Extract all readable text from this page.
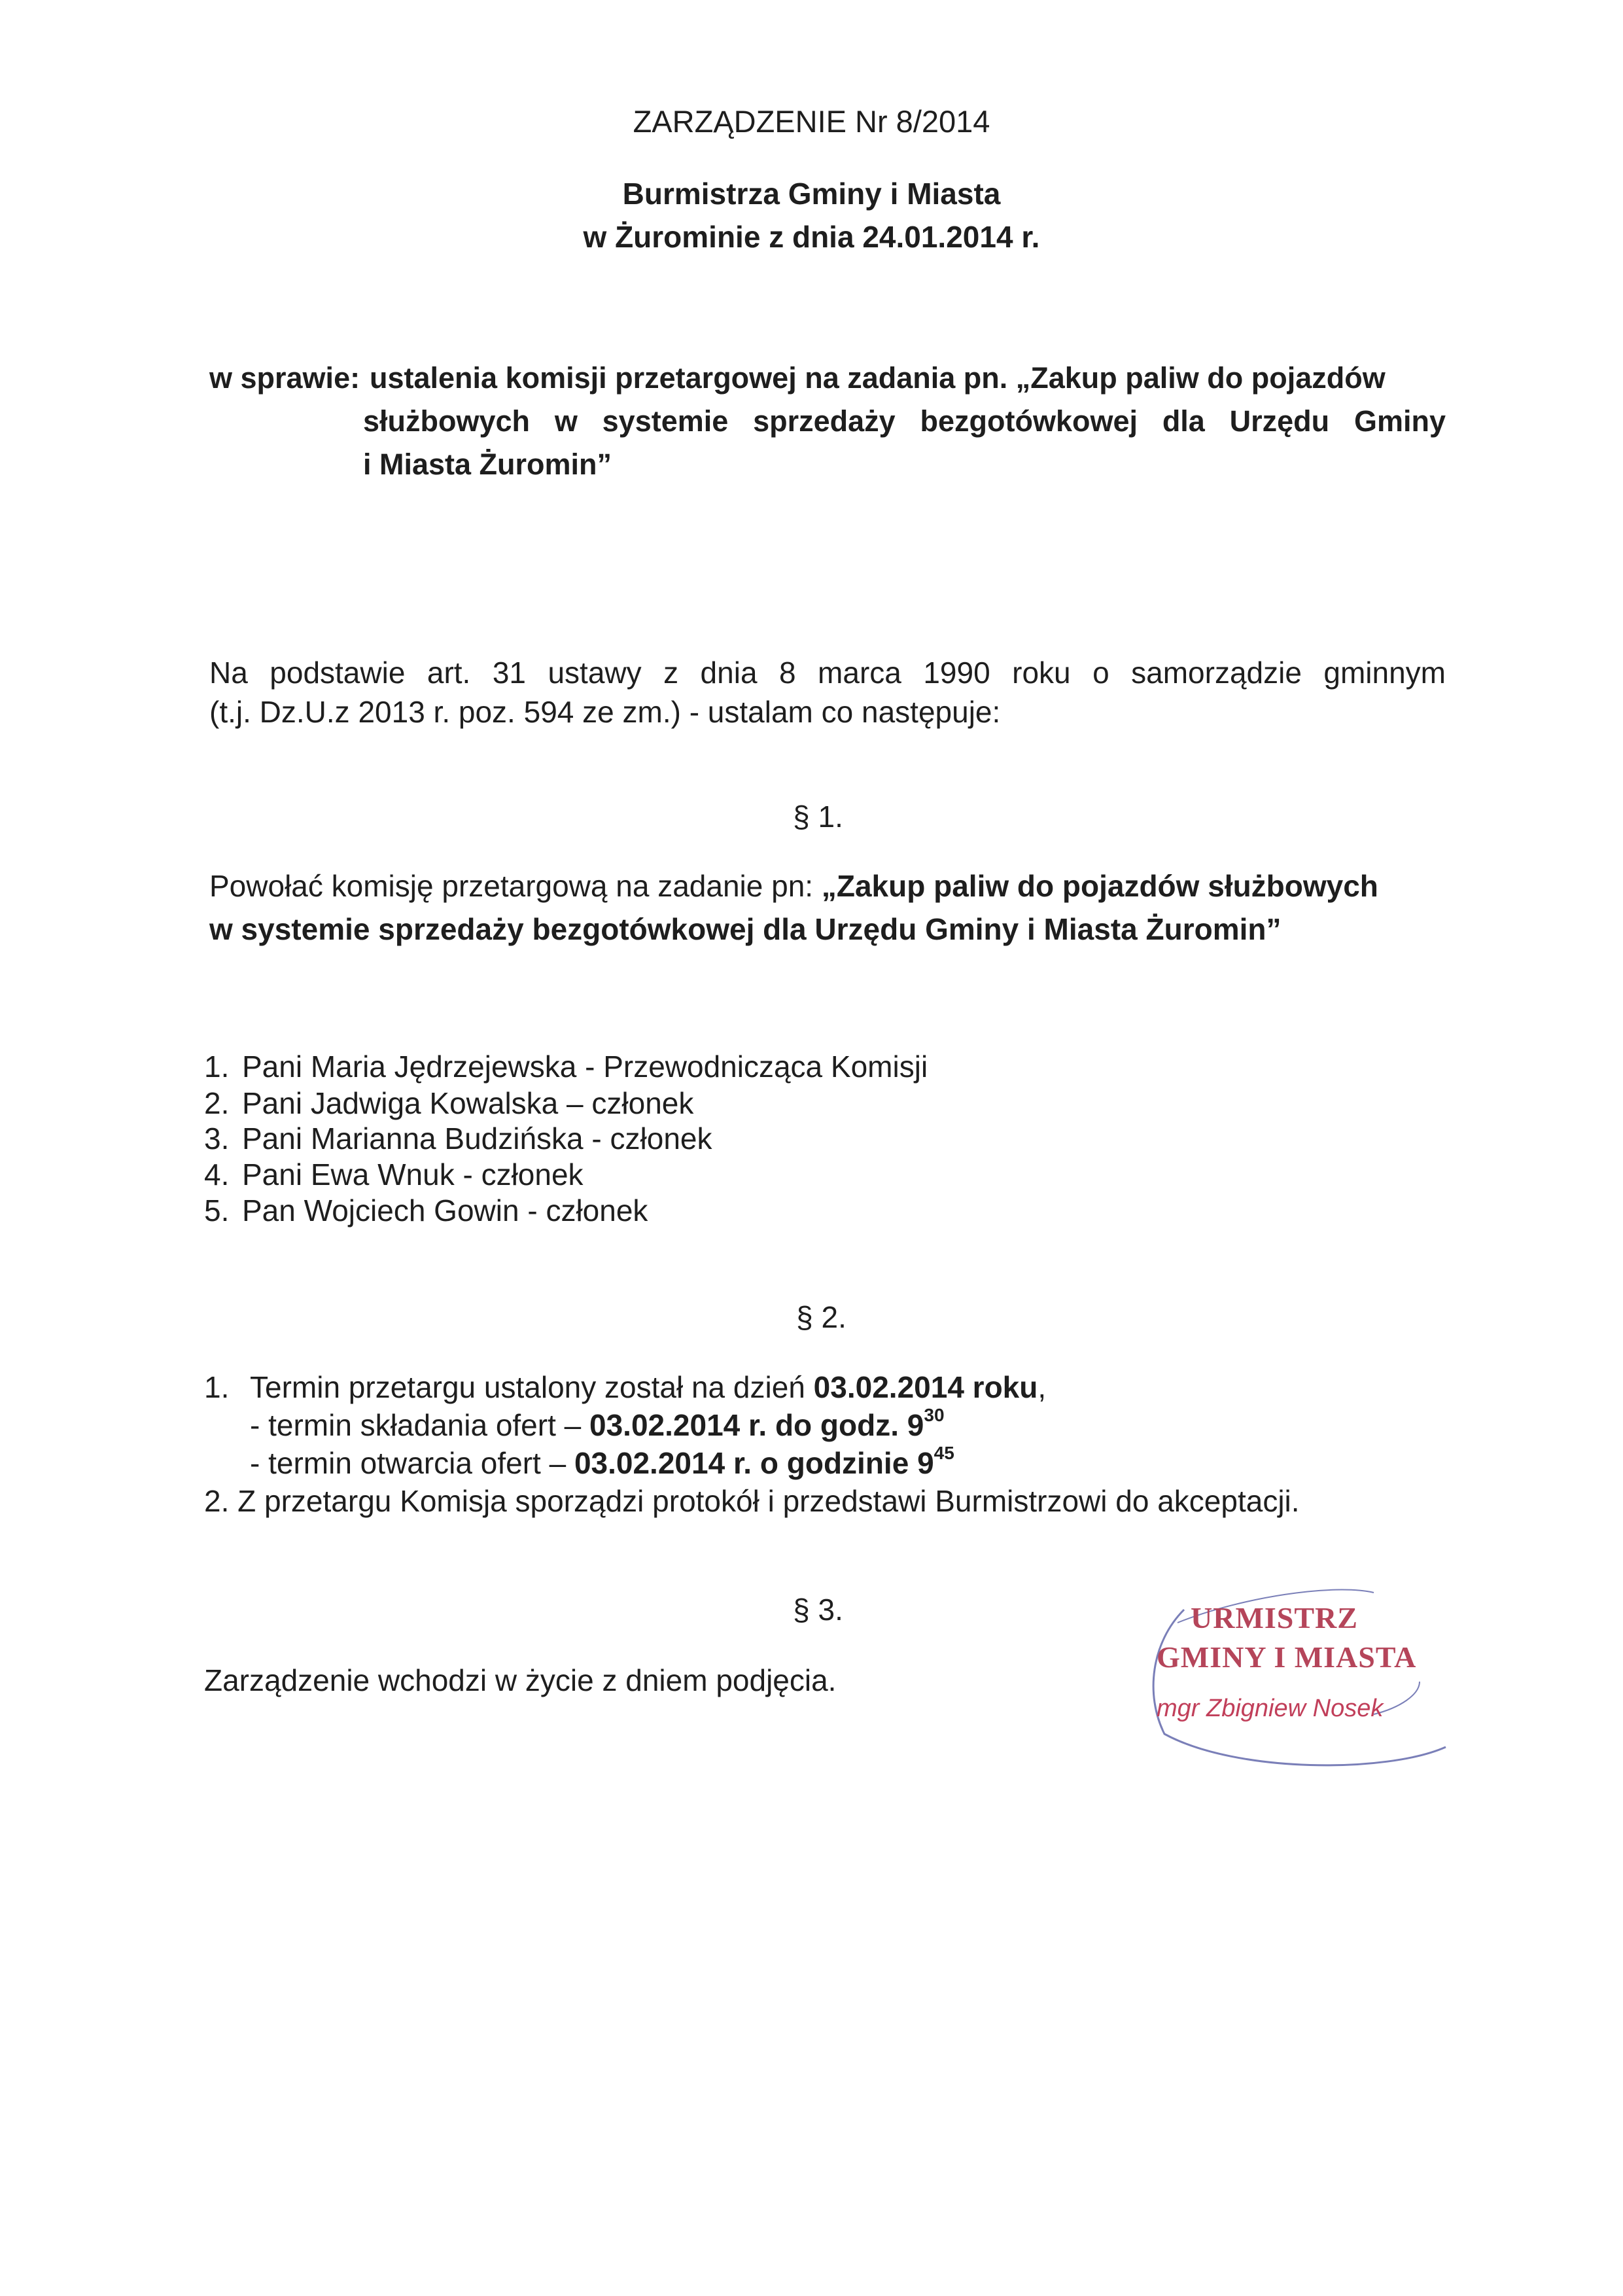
ZARZĄDZENIE Nr 8/2014
Burmistrza Gminy i Miasta
w Żurominie z dnia 24.01.2014 r.
w sprawie: ustalenia komisji przetargowej na zadania pn. „Zakup paliw do pojazdów
służbowych w systemie sprzedaży bezgotówkowej dla Urzędu Gminy
i Miasta Żuromin”
Na podstawie art. 31 ustawy z dnia 8 marca 1990 roku o samorządzie gminnym
(t.j. Dz.U.z 2013 r. poz. 594 ze zm.) - ustalam co następuje:
§ 1.
Powołać komisję przetargową na zadanie pn: „Zakup paliw do pojazdów służbowych
w systemie sprzedaży bezgotówkowej dla Urzędu Gminy i Miasta Żuromin”
1. Pani Maria Jędrzejewska - Przewodnicząca Komisji
2. Pani Jadwiga Kowalska – członek
3. Pani Marianna Budzińska - członek
4. Pani Ewa Wnuk - członek
5. Pan Wojciech Gowin - członek
§ 2.
1. Termin przetargu ustalony został na dzień 03.02.2014 roku,
- termin składania ofert – 03.02.2014 r. do godz. $9^{30}$
- termin otwarcia ofert – 03.02.2014 r. o godzinie $9^{45}$
2. Z przetargu Komisja sporządzi protokół i przedstawi Burmistrzowi do akceptacji.
§ 3.
Zarządzenie wchodzi w życie z dniem podjęcia.
URMISTRZ
GMINY I MIASTA
mgr Zbigniew Nosek
